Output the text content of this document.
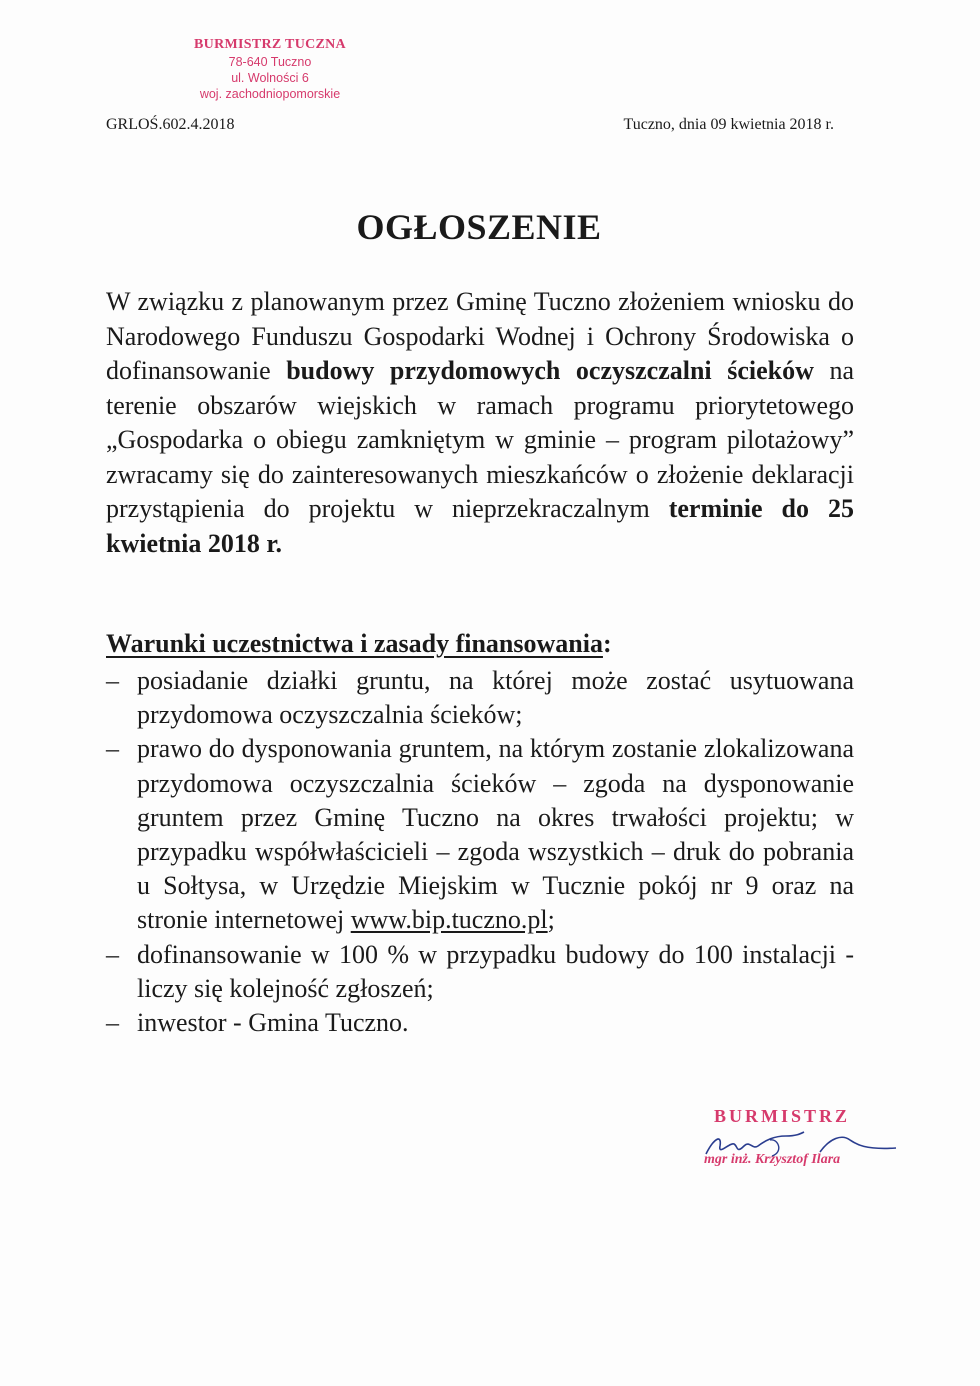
BURMISTRZ TUCZNA
78-640 Tuczno
ul. Wolności 6
woj. zachodniopomorskie
GRLOŚ.602.4.2018	Tuczno, dnia 09 kwietnia 2018 r.
OGŁOSZENIE

W związku z planowanym przez Gminę Tuczno złożeniem wniosku do Narodowego Funduszu Gospodarki Wodnej i Ochrony Środowiska o dofinansowanie budowy przydomowych oczyszczalni ścieków na terenie obszarów wiejskich w ramach programu priorytetowego „Gospodarka o obiegu zamkniętym w gminie – program pilotażowy” zwracamy się do zainteresowanych mieszkańców o złożenie deklaracji przystąpienia do projektu w nieprzekraczalnym terminie do 25 kwietnia 2018 r.

Warunki uczestnictwa i zasady finansowania:
– posiadanie działki gruntu, na której może zostać usytuowana przydomowa oczyszczalnia ścieków;
– prawo do dysponowania gruntem, na którym zostanie zlokalizowana przydomowa oczyszczalnia ścieków – zgoda na dysponowanie gruntem przez Gminę Tuczno na okres trwałości projektu; w przypadku współwłaścicieli – zgoda wszystkich – druk do pobrania u Sołtysa, w Urzędzie Miejskim w Tucznie pokój nr 9 oraz na stronie internetowej www.bip.tuczno.pl;
– dofinansowanie w 100 % w przypadku budowy do 100 instalacji - liczy się kolejność zgłoszeń;
– inwestor - Gmina Tuczno.
BURMISTRZ
mgr inż. Krzysztof Ilara
